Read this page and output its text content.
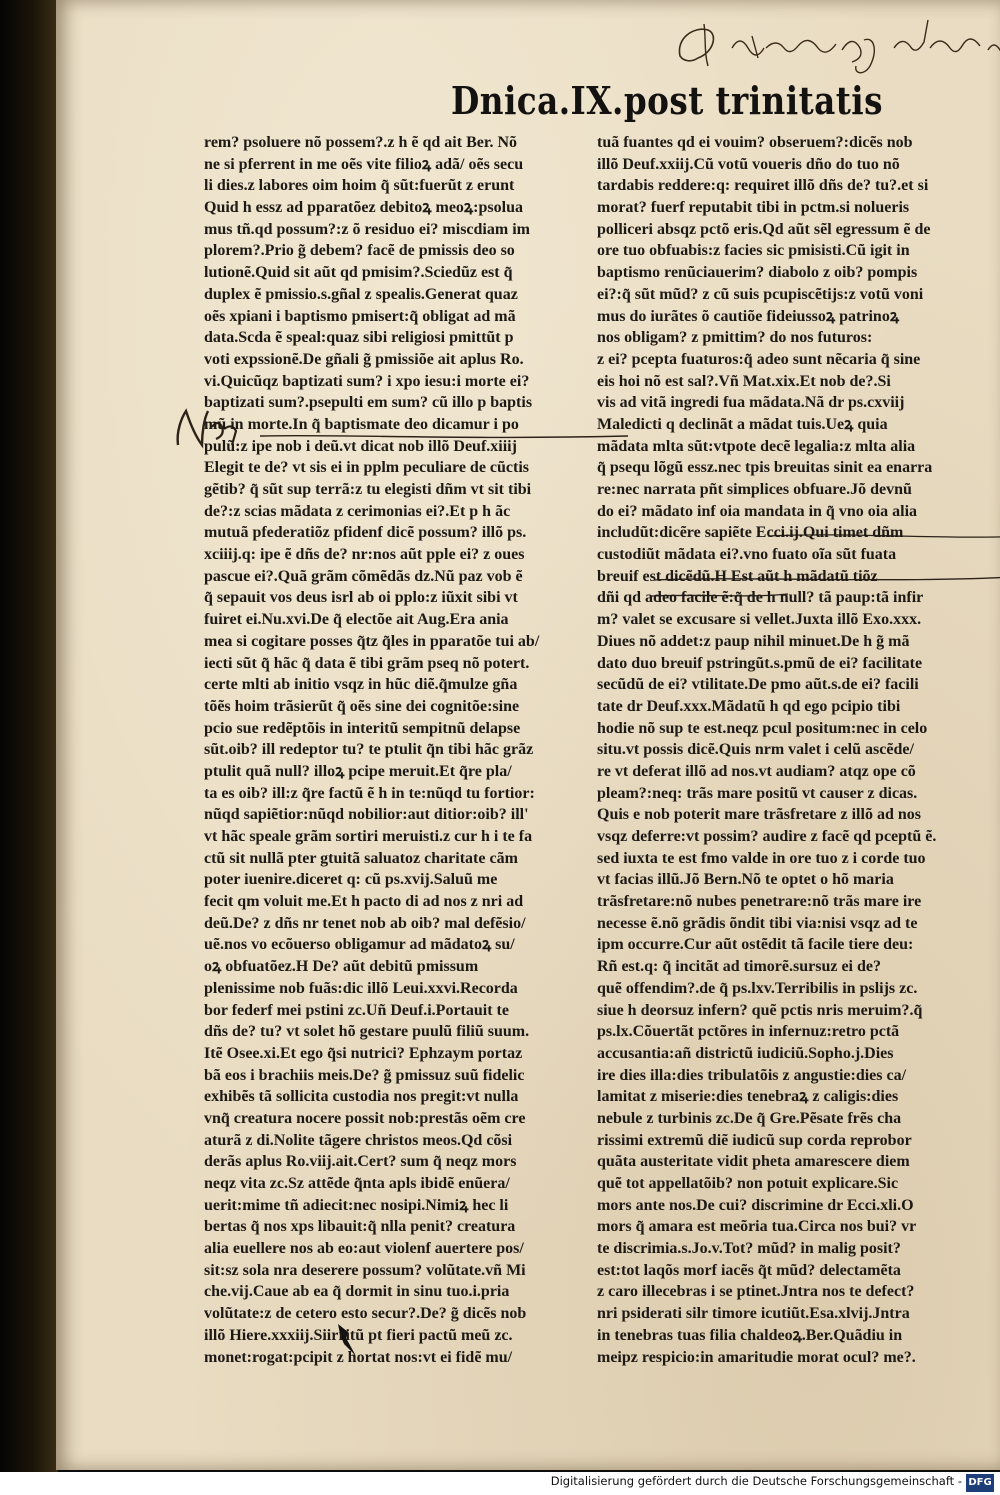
Dnica.IX.post trinitatis
rem? psoluere nõ possem?.z h ẽ qd ait Ber. Nõ
ne si pferrent in me oẽs vite filioꝝ adã/ oẽs secu
li dies.z labores oim hoim q̃ sũt:fuerũt z erunt
Quid h essz ad pparatõez debitoꝝ meoꝝ:psolua
mus tñ.qd possum?:z õ residuo ei? miscdiam im
plorem?.Prio g̃ debem? facẽ de pmissis deo so
lutionẽ.Quid sit aũt qd pmisim?.Sciedũz est q̃
duplex ẽ pmissio.s.gñal z spealis.Generat quaz
oẽs xpiani i baptismo pmisert:q̃ obligat ad mã
data.Scda ẽ speal:quaz sibi religiosi pmittũt p
voti expssionẽ.De gñali g̃ pmissiõe ait aplus Ro.
vi.Quicũqz baptizati sum? i xpo iesu:i morte ei?
baptizati sum?.psepulti em sum? cũ illo p baptis
mũ in morte.In q̃ baptismate deo dicamur i po
pulũ:z ipe nob i deũ.vt dicat nob illõ Deuf.xiiij
Elegit te de? vt sis ei in pplm peculiare de cũctis
gẽtib? q̃ sũt sup terrã:z tu elegisti dñm vt sit tibi
de?:z scias mãdata z cerimonias ei?.Et p h ãc
mutuã pfederatiõz pfidenf dicẽ possum? illõ ps.
xciiij.q: ipe ẽ dñs de? nr:nos aũt pple ei? z oues
pascue ei?.Quã grãm cõmẽdãs dz.Nũ paz vob ẽ
q̃ sepauit vos deus isrl ab oi pplo:z iũxit sibi vt
fuiret ei.Nu.xvi.De q̃ electõe ait Aug.Era ania
mea si cogitare posses q̃tz q̃les in pparatõe tui ab/
iecti sũt q̃ hãc q̃ data ẽ tibi grãm pseq nõ potert.
certe mlti ab initio vsqz in hũc diẽ.q̃mulze gña
tõẽs hoim trãsierũt q̃ oẽs sine dei cognitõe:sine
pcio sue redẽptõis in interitũ sempitnũ delapse
sũt.oib? ill redeptor tu? te ptulit q̃n tibi hãc grãz
ptulit quã null? illoꝝ pcipe meruit.Et q̃re pla/
ta es oib? ill:z q̃re factũ ẽ h in te:nũqd tu fortior:
nũqd sapiẽtior:nũqd nobilior:aut ditior:oib? ill'
vt hãc speale grãm sortiri meruisti.z cur h i te fa
ctũ sit nullã pter gtuitã saluatoz charitate cãm
poter iuenire.diceret q: cũ ps.xvij.Saluũ me
fecit qm voluit me.Et h pacto di ad nos z nri ad
deũ.De? z dñs nr tenet nob ab oib? mal defẽsio/
uẽ.nos vo ecõuerso obligamur ad mãdatoꝝ su/
oꝝ obfuatõez.H De? aũt debitũ pmissum
plenissime nob fuãs:dic illõ Leui.xxvi.Recorda
bor federf mei pstini zc.Uñ Deuf.i.Portauit te
dñs de? tu? vt solet hõ gestare puulũ filiũ suum.
Itẽ Osee.xi.Et ego q̃si nutrici? Ephzaym portaz
bã eos i brachiis meis.De? g̃ pmissuz suũ fidelic
exhibẽs tã sollicita custodia nos pregit:vt nulla
vnq̃ creatura nocere possit nob:prestãs oẽm cre
aturã z di.Nolite tãgere christos meos.Qd cõsi
derãs aplus Ro.viij.ait.Cert? sum q̃ neqz mors
neqz vita zc.Sz attẽde q̃nta apls ibidẽ enũera/
uerit:mime tñ adiecit:nec nosipi.Nimiꝝ hec li
bertas q̃ nos xps libauit:q̃ nlla penit? creatura
alia euellere nos ab eo:aut violenf auertere pos/
sit:sz sola nra deserere possum? volũtate.vñ Mi
che.vij.Caue ab ea q̃ dormit in sinu tuo.i.pria
volũtate:z de cetero esto secur?.De? g̃ dicẽs nob
illõ Hiere.xxxiij.Siirritũ pt fieri pactũ meũ zc.
monet:rogat:pcipit z hortat nos:vt ei fidẽ mu/
tuã fuantes qd ei vouim? obseruem?:dicẽs nob
illõ Deuf.xxiij.Cũ votũ voueris dño do tuo nõ
tardabis reddere:q: requiret illõ dñs de? tu?.et si
morat? fuerf reputabit tibi in pctm.si nolueris
polliceri absqz pctõ eris.Qd aũt sẽl egressum ẽ de
ore tuo obfuabis:z facies sic pmisisti.Cũ igit in
baptismo renũciauerim? diabolo z oib? pompis
ei?:q̃ sũt mũd? z cũ suis pcupiscẽtijs:z votũ voni
mus do iurãtes õ cautiõe fideiussoꝝ patrinoꝝ
nos obligam? z pmittim? do nos futuros:
z ei? pcepta fuaturos:q̃ adeo sunt nẽcaria q̃ sine
eis hoi nõ est sal?.Vñ Mat.xix.Et nob de?.Si
vis ad vitã ingredi fua mãdata.Nã dr ps.cxviij
Maledicti q declinãt a mãdat tuis.Ueꝝ quia
mãdata mlta sũt:vtpote decẽ legalia:z mlta alia
q̃ psequ lõgũ essz.nec tpis breuitas sinit ea enarra
re:nec narrata pñt simplices obfuare.Jõ devnũ
do ei? mãdato inf oia mandata in q̃ vno oia alia
includũt:dicẽre sapiẽte Ecci.ij.Qui timet dñm
custodiũt mãdata ei?.vno fuato oĩa sũt fuata
breuif est dicẽdũ.H Est aũt h mãdatũ tiõz
dñi qd adeo facile ẽ:q̃ de h null? tã paup:tã infir
m? valet se excusare si vellet.Juxta illõ Exo.xxx.
Diues nõ addet:z paup nihil minuet.De h g̃ mã
dato duo breuif pstringũt.s.pmũ de ei? facilitate
secũdũ de ei? vtilitate.De pmo aũt.s.de ei? facili
tate dr Deuf.xxx.Mãdatũ h qd ego pcipio tibi
hodie nõ sup te est.neqz pcul positum:nec in celo
situ.vt possis dicẽ.Quis nrm valet i celũ ascẽde/
re vt deferat illõ ad nos.vt audiam? atqz ope cõ
pleam?:neq: trãs mare positũ vt causer z dicas.
Quis e nob poterit mare trãsfretare z illõ ad nos
vsqz deferre:vt possim? audire z facẽ qd pceptũ ẽ.
sed iuxta te est fmo valde in ore tuo z i corde tuo
vt facias illũ.Jõ Bern.Nõ te optet o hõ maria
trãsfretare:nõ nubes penetrare:nõ trãs mare ire
necesse ẽ.nõ grãdis õndit tibi via:nisi vsqz ad te
ipm occurre.Cur aũt ostẽdit tã facile tiere deu:
Rñ est.q: q̃ incitãt ad timorẽ.sursuz ei de?
quẽ offendim?.de q̃ ps.lxv.Terribilis in pslijs zc.
siue h deorsuz infern? quẽ pctis nris meruim?.q̃
ps.lx.Cõuertãt pctõres in infernuz:retro pctã
accusantia:añ districtũ iudiciũ.Sopho.j.Dies
ire dies illa:dies tribulatõis z angustie:dies ca/
lamitat z miserie:dies tenebraꝝ z caligis:dies
nebule z turbinis zc.De q̃ Gre.Pẽsate frẽs cha
rissimi extremũ diẽ iudicũ sup corda reprobor
quãta austeritate vidit pheta amarescere diem
quẽ tot appellatõib? non potuit explicare.Sic
mors ante nos.De cui? discrimine dr Ecci.xli.O
mors q̃ amara est meõria tua.Circa nos bui? vr
te discrimia.s.Jo.v.Tot? mũd? in malig posit?
est:tot laqõs morf iacẽs q̃t mũd? delectamẽta
z caro illecebras i se ptinet.Jntra nos te defect?
nri psiderati silr timore icutiũt.Esa.xlvij.Jntra
in tenebras tuas filia chaldeoꝝ.Ber.Quãdiu in
meipz respicio:in amaritudie morat ocul? me?.
Digitalisierung gefördert durch die Deutsche Forschungsgemeinschaft - DFG
